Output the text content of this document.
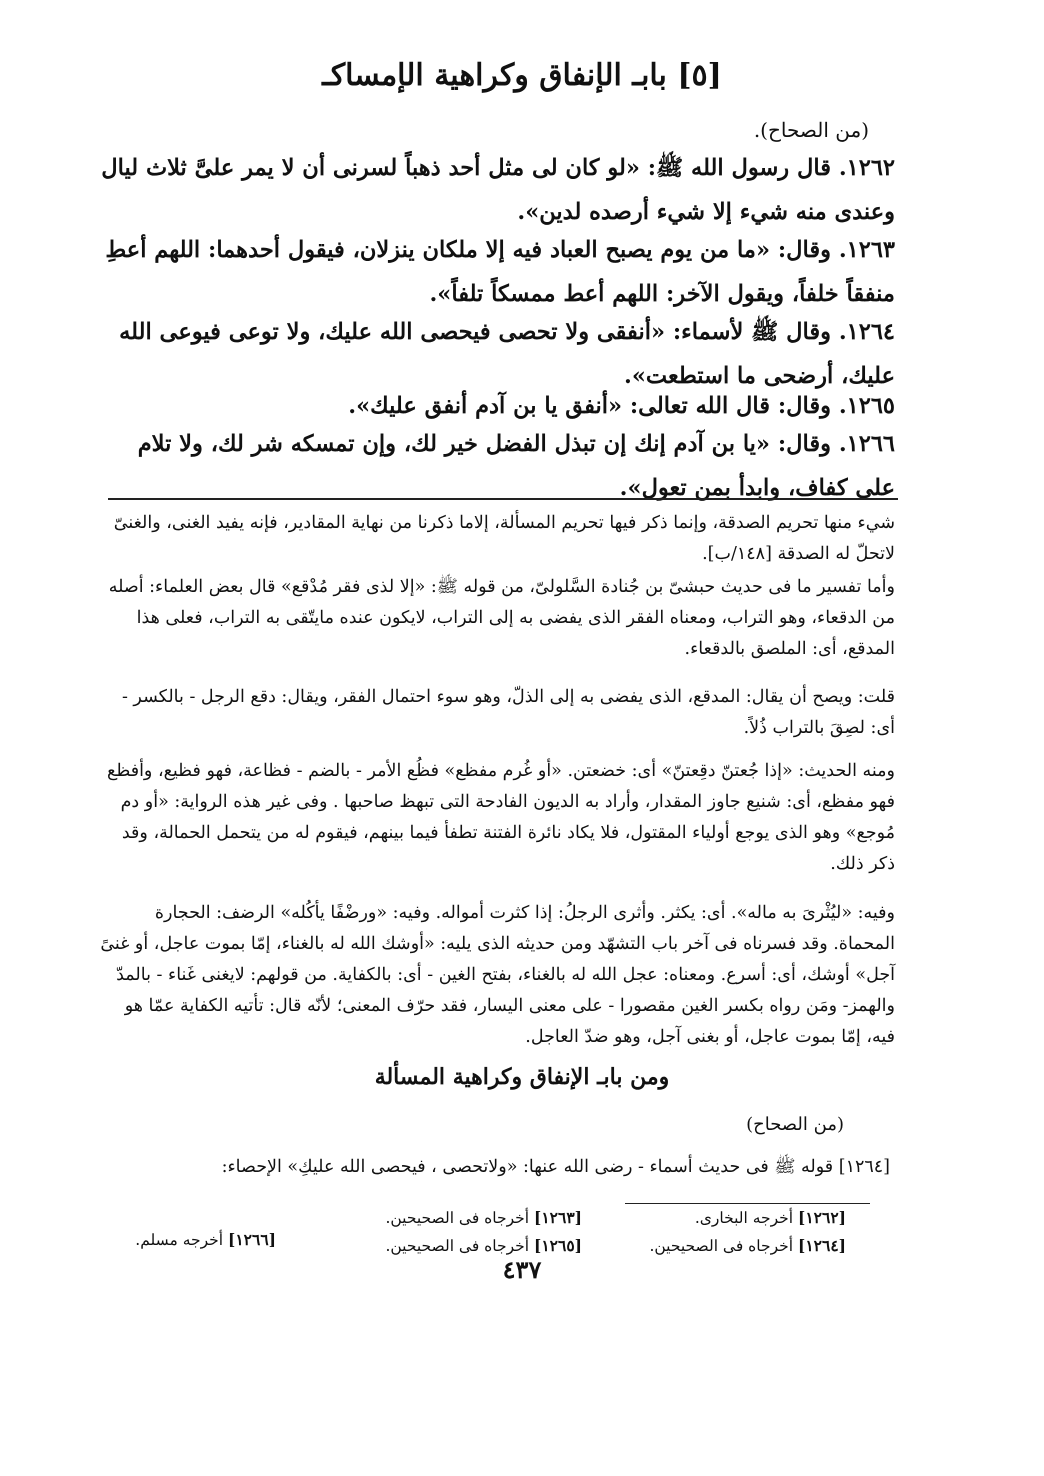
[٥] بابـ الإنفاق وكراهية الإمساكـ
(من الصحاح).
١٢٦٢. قال رسول الله ﷺ: «لو كان لى مثل أحد ذهباً لسرنى أن لا يمر علىَّ ثلاث ليال وعندى منه شيء إلا شيء أرصده لدين».
١٢٦٣. وقال: «ما من يوم يصبح العباد فيه إلا ملكان ينزلان، فيقول أحدهما: اللهم أعطِ منفقاً خلفاً، ويقول الآخر: اللهم أعط ممسكاً تلفاً».
١٢٦٤. وقال ﷺ لأسماء: «أنفقى ولا تحصى فيحصى الله عليك، ولا توعى فيوعى الله عليك، أرضحى ما استطعت».
١٢٦٥. وقال: قال الله تعالى: «أنفق يا بن آدم أنفق عليك».
١٢٦٦. وقال: «يا بن آدم إنك إن تبذل الفضل خير لك، وإن تمسكه شر لك، ولا تلام على كفاف، وابدأ بمن تعول».
شيء منها تحريم الصدقة، وإنما ذكر فيها تحريم المسألة، إلاما ذكرنا من نهاية المقادير، فإنه يفيد الغنى، والغنىّ لاتحلّ له الصدقة [١٤٨/ب].
وأما تفسير ما فى حديث حبشىّ بن جُنادة السَّلولىّ، من قوله ﷺ: «إلا لذى فقر مُدْقع» قال بعض العلماء: أصله من الدقعاء، وهو التراب، ومعناه الفقر الذى يفضى به إلى التراب، لايكون عنده مايتّقى به التراب، فعلى هذا المدقع، أى: الملصق بالدقعاء.
قلت: ويصح أن يقال: المدقع، الذى يفضى به إلى الذلّ، وهو سوء احتمال الفقر، ويقال: دقع الرجل - بالكسر - أى: لصِقَ بالتراب ذُلاً.
ومنه الحديث: «إذا جُعتنّ دقِعتنّ» أى: خضعتن. «أو غُرم مفظع» فظُع الأمر - بالضم - فظاعة، فهو فظيع، وأفظع فهو مفظع، أى: شنيع جاوز المقدار، وأراد به الديون الفادحة التى تبهظ صاحبها . وفى غير هذه الرواية: «أو دم مُوجع» وهو الذى يوجع أولياء المقتول، فلا يكاد نائرة الفتنة تطفأ فيما بينهم، فيقوم له من يتحمل الحمالة، وقد ذكر ذلك.
وفيه: «ليُثْرىَ به ماله». أى: يكثر. وأثرى الرجلُ: إذا كثرت أمواله. وفيه: «ورضْفًا يأكُله» الرضف: الحجارة المحماة. وقد فسرناه فى آخر باب التشهّد ومن حديثه الذى يليه: «أوشك الله له بالغناء، إمّا بموت عاجل، أو غنىً آجل» أوشك، أى: أسرع. ومعناه: عجل الله له بالغناء، بفتح الغين - أى: بالكفاية. من قولهم: لايغنى غَناء - بالمدّ والهمز- ومَن رواه بكسر الغين مقصورا - على معنى اليسار، فقد حرّف المعنى؛ لأنّه قال: تأتيه الكفاية عمّا هو فيه، إمّا بموت عاجل، أو بغنى آجل، وهو ضدّ العاجل.
ومن بابـ الإنفاق وكراهية المسألة
(من الصحاح)
[١٢٦٤] قوله ﷺ فى حديث أسماء - رضى الله عنها: «ولاتحصى ، فيحصى الله عليكِ» الإحصاء:
[١٢٦٢] أخرجه البخارى.
[١٢٦٤] أخرجاه فى الصحيحين.
[١٢٦٣] أخرجاه فى الصحيحين.
[١٢٦٥] أخرجاه فى الصحيحين.
[١٢٦٦] أخرجه مسلم.
٤٣٧
